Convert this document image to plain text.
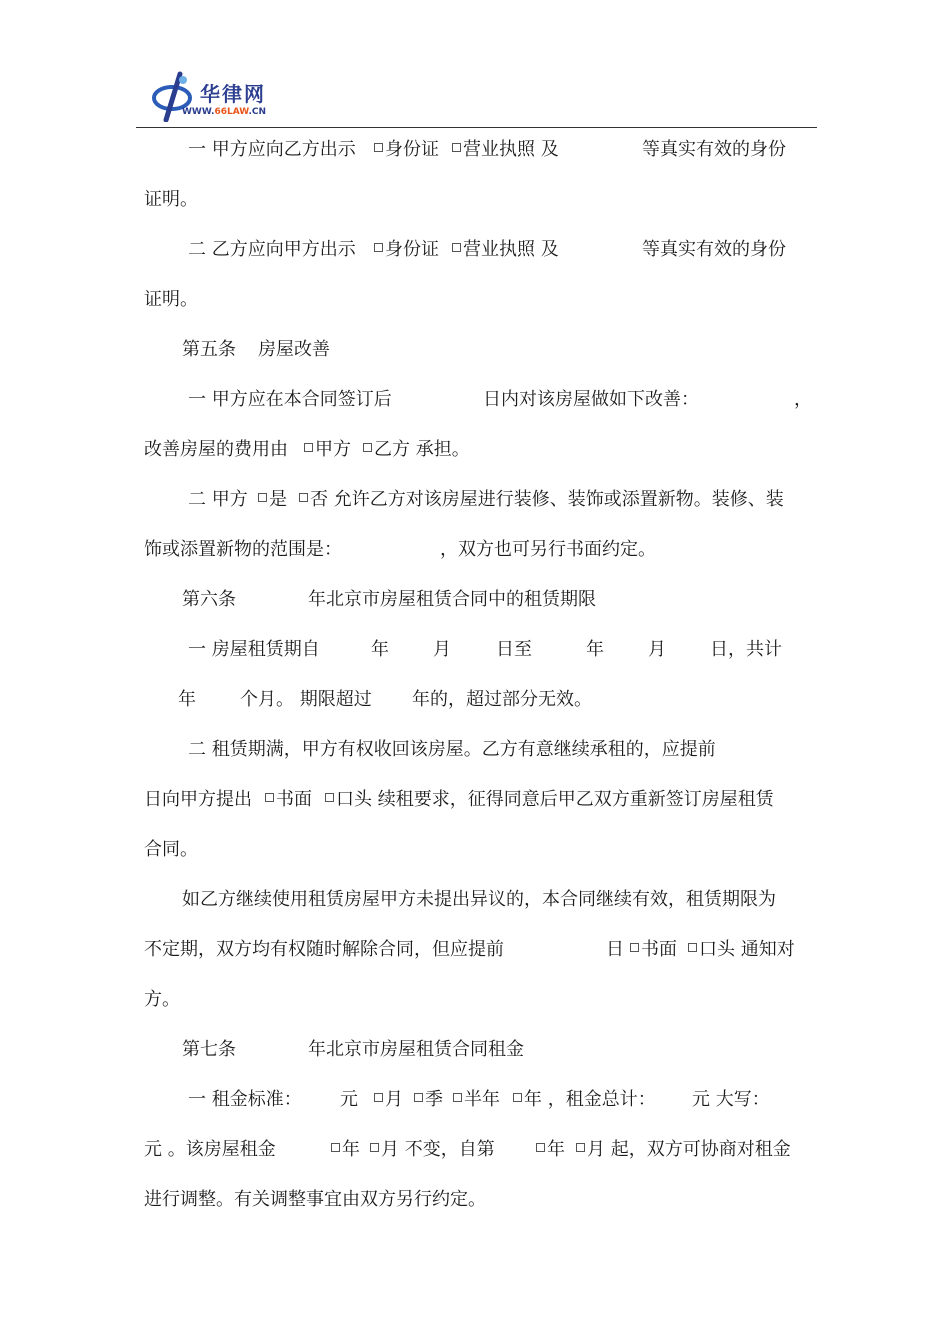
华律网
WWW.66LAW.CN
一 甲方应向乙方出示	身份证	营业执照 及	等真实有效的身份
证明。
二 乙方应向甲方出示	身份证	营业执照 及	等真实有效的身份
证明。
第五条 房屋改善
一 甲方应在本合同签订后	日内对该房屋做如下改善：	，
改善房屋的费用由	甲方 乙方 承担。
二 甲方 是 否 允许乙方对该房屋进行装修、装饰或添置新物。装修、装
饰或添置新物的范围是：	，双方也可另行书面约定。
第六条	年北京市房屋租赁合同中的租赁期限
一 房屋租赁期自	年 月	日至	年 月 日，共计
年 个月。 期限超过 年的，超过部分无效。
二 租赁期满，甲方有权收回该房屋。乙方有意继续承租的，应提前
日向甲方提出	书面	口头 续租要求，征得同意后甲乙双方重新签订房屋租赁
合同。
如乙方继续使用租赁房屋甲方未提出异议的，本合同继续有效，租赁期限为
不定期，双方均有权随时解除合同，但应提前	日 书面 口头 通知对
方。
第七条	年北京市房屋租赁合同租金
一 租金标准： 元	月 季 半年	年 ，租金总计： 元 大写：
元 。该房屋租金	年 月 不变，自第	年 月 起，双方可协商对租金
进行调整。有关调整事宜由双方另行约定。
